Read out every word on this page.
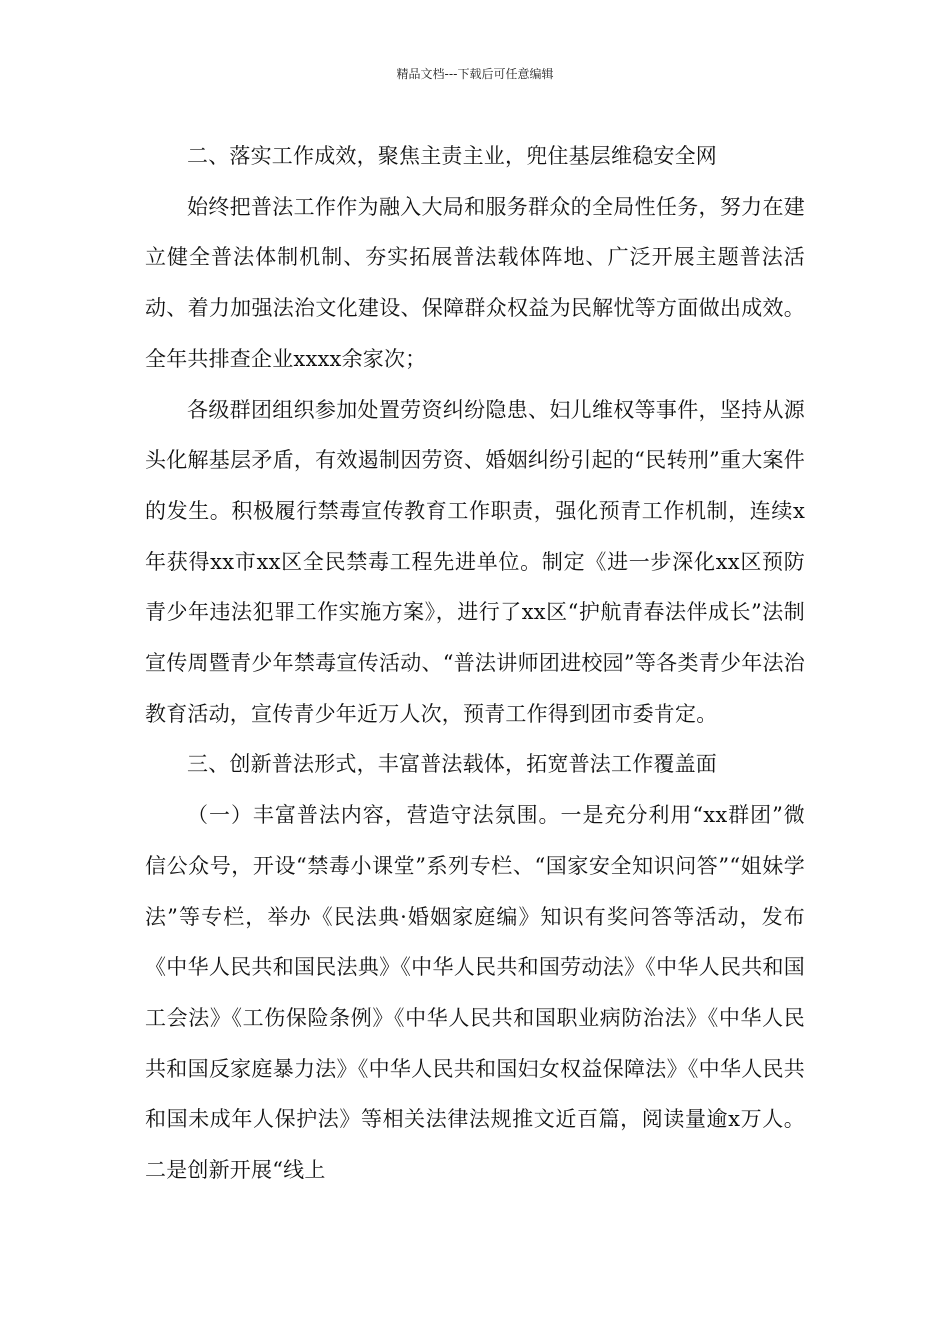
精品文档---下载后可任意编辑

二、落实工作成效，聚焦主责主业，兜住基层维稳安全网

始终把普法工作作为融入大局和服务群众的全局性任务，努力在建立健全普法体制机制、夯实拓展普法载体阵地、广泛开展主题普法活动、着力加强法治文化建设、保障群众权益为民解忧等方面做出成效。全年共排查企业xxxx余家次；

各级群团组织参加处置劳资纠纷隐患、妇儿维权等事件，坚持从源头化解基层矛盾，有效遏制因劳资、婚姻纠纷引起的“民转刑”重大案件的发生。积极履行禁毒宣传教育工作职责，强化预青工作机制，连续x年获得xx市xx区全民禁毒工程先进单位。制定《进一步深化xx区预防青少年违法犯罪工作实施方案》，进行了xx区“护航青春法伴成长”法制宣传周暨青少年禁毒宣传活动、“普法讲师团进校园”等各类青少年法治教育活动，宣传青少年近万人次，预青工作得到团市委肯定。

三、创新普法形式，丰富普法载体，拓宽普法工作覆盖面

（一）丰富普法内容，营造守法氛围。一是充分利用“xx群团”微信公众号，开设“禁毒小课堂”系列专栏、“国家安全知识问答”“姐妹学法”等专栏，举办《民法典·婚姻家庭编》知识有奖问答等活动，发布《中华人民共和国民法典》《中华人民共和国劳动法》《中华人民共和国工会法》《工伤保险条例》《中华人民共和国职业病防治法》《中华人民共和国反家庭暴力法》《中华人民共和国妇女权益保障法》《中华人民共和国未成年人保护法》等相关法律法规推文近百篇，阅读量逾x万人。二是创新开展“线上
